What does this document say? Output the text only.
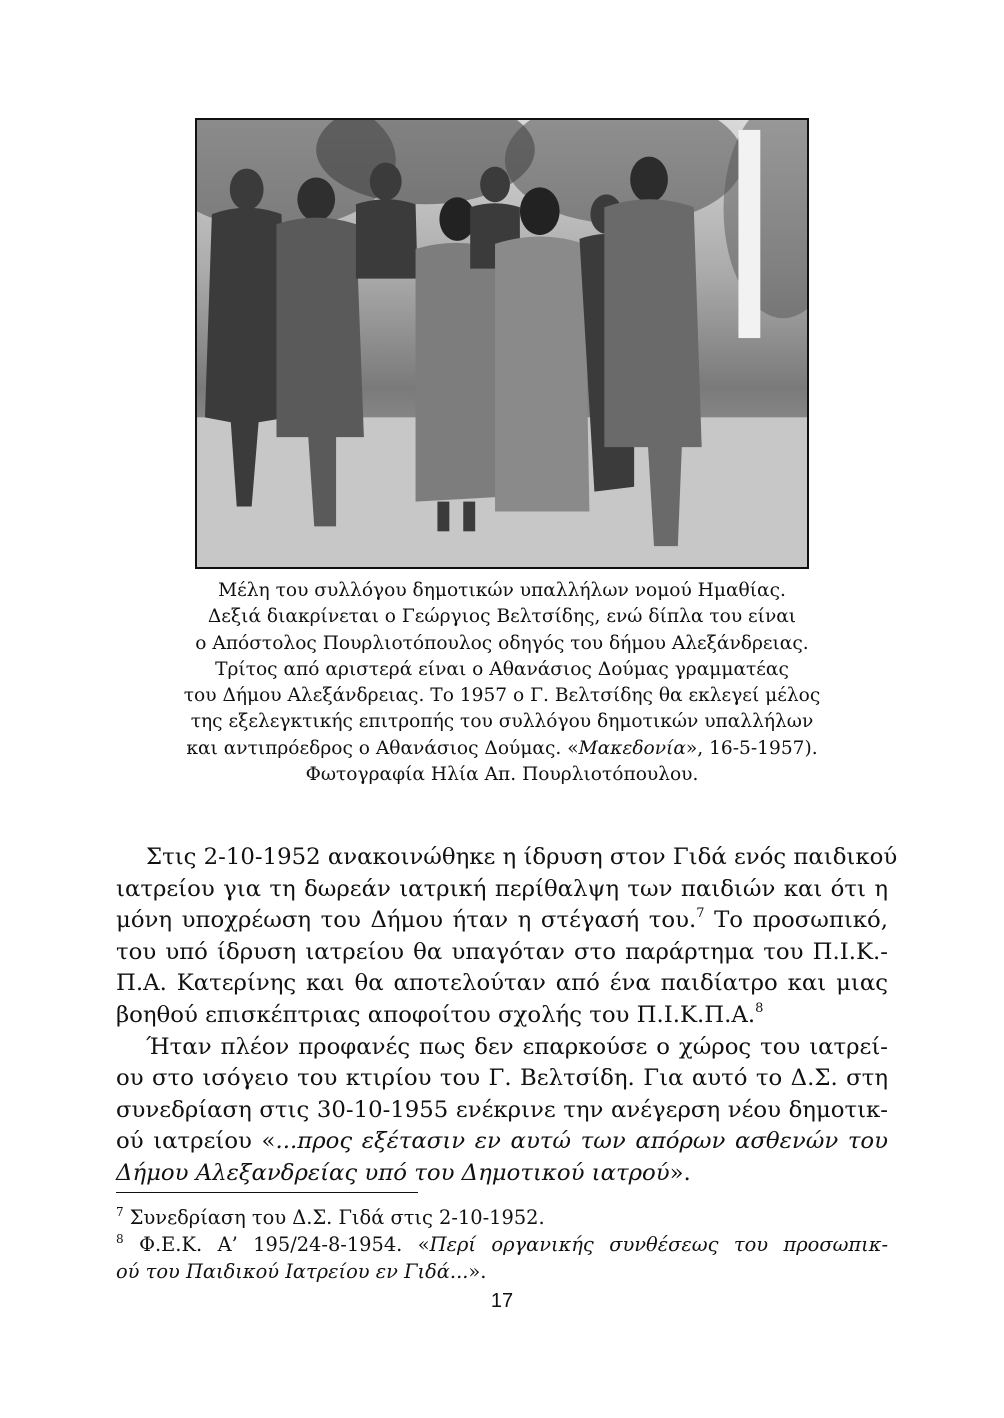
Μέλη του συλλόγου δημοτικών υπαλλήλων νομού Ημαθίας.
Δεξιά διακρίνεται ο Γεώργιος Βελτσίδης, ενώ δίπλα του είναι
ο Απόστολος Πουρλιοτόπουλος οδηγός του δήμου Αλεξάνδρειας.
Τρίτος από αριστερά είναι ο Αθανάσιος Δούμας γραμματέας
του Δήμου Αλεξάνδρειας. Το 1957 ο Γ. Βελτσίδης θα εκλεγεί μέλος
της εξελεγκτικής επιτροπής του συλλόγου δημοτικών υπαλλήλων
και αντιπρόεδρος ο Αθανάσιος Δούμας. «Μακεδονία», 16-5-1957).
Φωτογραφία Ηλία Απ. Πουρλιοτόπουλου.
Στις 2-10-1952 ανακοινώθηκε η ίδρυση στον Γιδά ενός παιδικού
ιατρείου για τη δωρεάν ιατρική περίθαλψη των παιδιών και ότι η
μόνη υποχρέωση του Δήμου ήταν η στέγασή του.$^7$ Το προσωπικό,
του υπό ίδρυση ιατρείου θα υπαγόταν στο παράρτημα του Π.Ι.Κ.-
Π.Α. Κατερίνης και θα αποτελούταν από ένα παιδίατρο και μιας
βοηθού επισκέπτριας αποφοίτου σχολής του Π.Ι.Κ.Π.Α.$^8$
Ήταν πλέον προφανές πως δεν επαρκούσε ο χώρος του ιατρεί-
ου στο ισόγειο του κτιρίου του Γ. Βελτσίδη. Για αυτό το Δ.Σ. στη
συνεδρίαση στις 30-10-1955 ενέκρινε την ανέγερση νέου δημοτικ-
ού ιατρείου «...προς εξέτασιν εν αυτώ των απόρων ασθενών του
Δήμου Αλεξανδρείας υπό του Δημοτικού ιατρού».
$^7$ Συνεδρίαση του Δ.Σ. Γιδά στις 2-10-1952.
$^8$ Φ.Ε.Κ. Α’ 195/24-8-1954. «Περί οργανικής συνθέσεως του προσωπικ-
ού του Παιδικού Ιατρείου εν Γιδά...».
17
